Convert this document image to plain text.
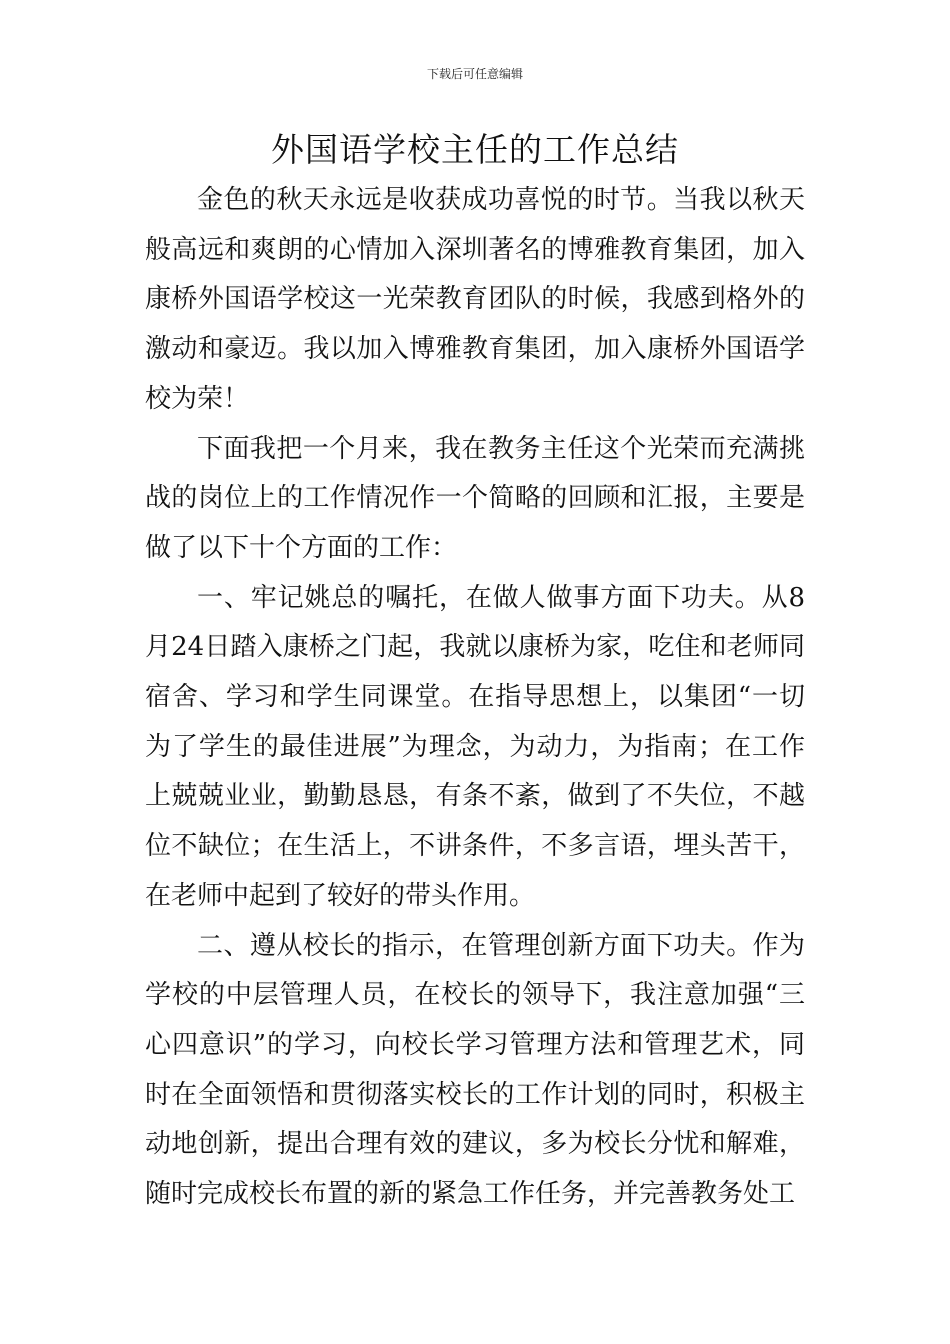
下载后可任意编辑
外国语学校主任的工作总结

金色的秋天永远是收获成功喜悦的时节。当我以秋天般高远和爽朗的心情加入深圳著名的博雅教育集团，加入康桥外国语学校这一光荣教育团队的时候，我感到格外的激动和豪迈。我以加入博雅教育集团，加入康桥外国语学校为荣！

下面我把一个月来，我在教务主任这个光荣而充满挑战的岗位上的工作情况作一个简略的回顾和汇报，主要是做了以下十个方面的工作：

一、牢记姚总的嘱托，在做人做事方面下功夫。从8月24日踏入康桥之门起，我就以康桥为家，吃住和老师同宿舍、学习和学生同课堂。在指导思想上，以集团“一切为了学生的最佳进展”为理念，为动力，为指南；在工作上兢兢业业，勤勤恳恳，有条不紊，做到了不失位，不越位不缺位；在生活上，不讲条件，不多言语，埋头苦干，在老师中起到了较好的带头作用。

二、遵从校长的指示，在管理创新方面下功夫。作为学校的中层管理人员，在校长的领导下，我注意加强“三心四意识”的学习，向校长学习管理方法和管理艺术，同时在全面领悟和贯彻落实校长的工作计划的同时，积极主动地创新，提出合理有效的建议，多为校长分忧和解难，随时完成校长布置的新的紧急工作任务，并完善教务处工
